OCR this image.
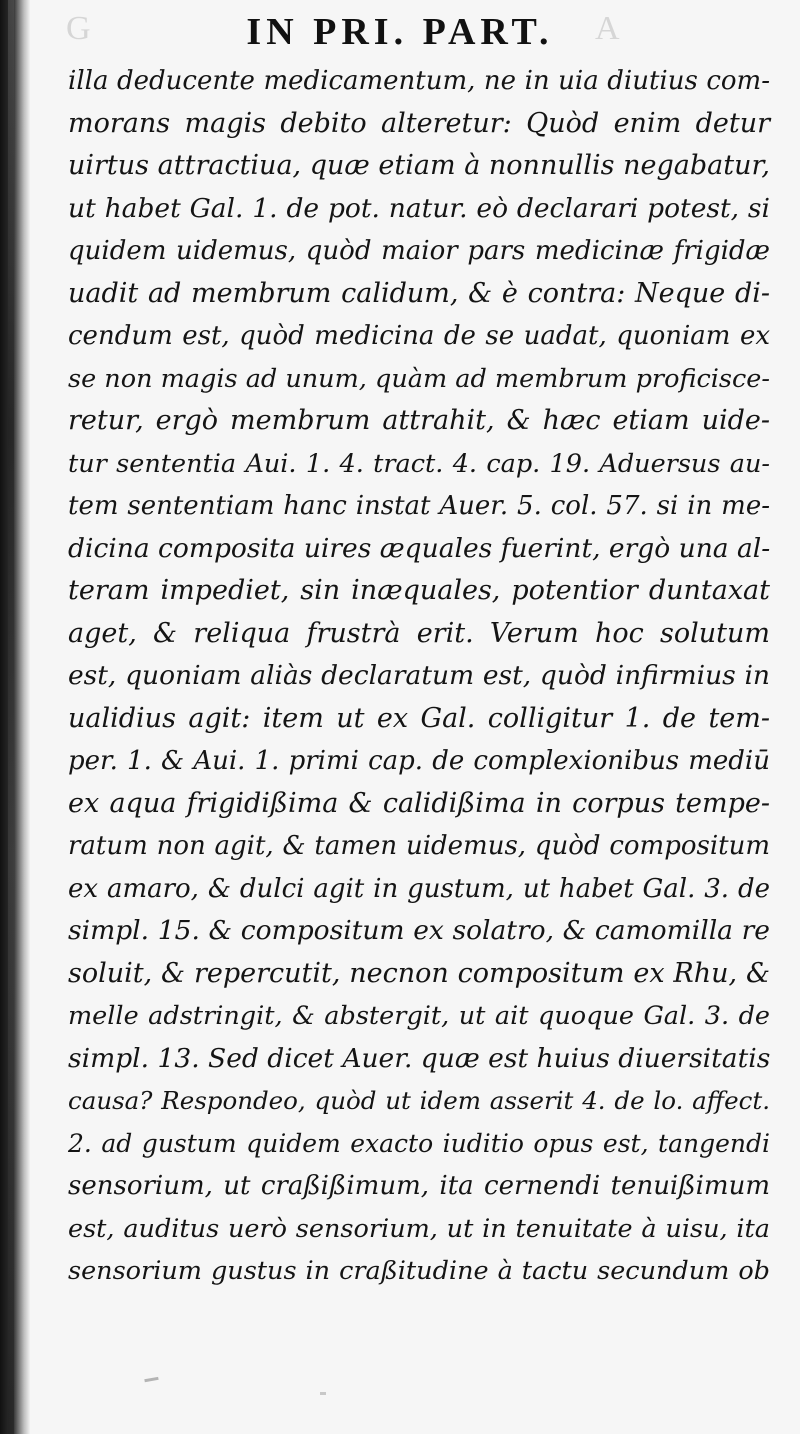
G	A
IN PRI. PART.
illa deducente medicamentum, ne in uia diutius com-
morans magis debito alteretur: Quòd enim detur
uirtus attractiua, quæ etiam à nonnullis negabatur,
ut habet Gal. 1. de pot. natur. eò declarari potest, si
quidem uidemus, quòd maior pars medicinæ frigidæ
uadit ad membrum calidum, & è contra: Neque di-
cendum est, quòd medicina de se uadat, quoniam ex
se non magis ad unum, quàm ad membrum proficisce-
retur, ergò membrum attrahit, & hæc etiam uide-
tur sententia Aui. 1. 4. tract. 4. cap. 19. Aduersus au-
tem sententiam hanc instat Auer. 5. col. 57. si in me-
dicina composita uires æquales fuerint, ergò una al-
teram impediet, sin inæquales, potentior duntaxat
aget, & reliqua frustrà erit. Verum hoc solutum
est, quoniam aliàs declaratum est, quòd infirmius in
ualidius agit: item ut ex Gal. colligitur 1. de tem-
per. 1. & Aui. 1. primi cap. de complexionibus mediū
ex aqua frigidißima & calidißima in corpus tempe-
ratum non agit, & tamen uidemus, quòd compositum
ex amaro, & dulci agit in gustum, ut habet Gal. 3. de
simpl. 15. & compositum ex solatro, & camomilla re
soluit, & repercutit, necnon compositum ex Rhu, &
melle adstringit, & abstergit, ut ait quoque Gal. 3. de
simpl. 13. Sed dicet Auer. quæ est huius diuersitatis
causa? Respondeo, quòd ut idem asserit 4. de lo. affect.
2. ad gustum quidem exacto iuditio opus est, tangendi
sensorium, ut craßißimum, ita cernendi tenuißimum
est, auditus uerò sensorium, ut in tenuitate à uisu, ita
sensorium gustus in craßitudine à tactu secundum ob
